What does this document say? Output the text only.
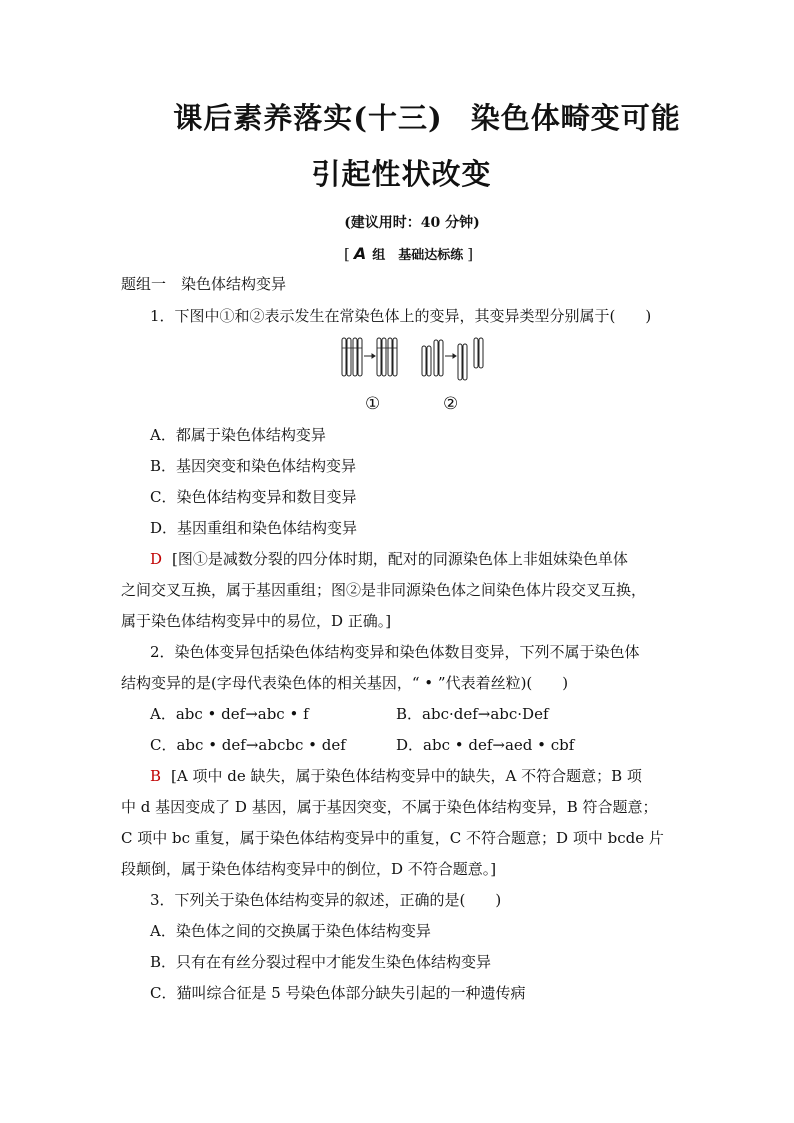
课后素养落实(十三) 染色体畸变可能
引起性状改变
(建议用时：40 分钟)
[ A 组　基础达标练 ]
题组一　染色体结构变异
1．下图中①和②表示发生在常染色体上的变异，其变异类型分别属于(　　)
①	②
A．都属于染色体结构变异
B．基因突变和染色体结构变异
C．染色体结构变异和数目变异
D．基因重组和染色体结构变异
D [图①是减数分裂的四分体时期，配对的同源染色体上非姐妹染色单体
之间交叉互换，属于基因重组；图②是非同源染色体之间染色体片段交叉互换，
属于染色体结构变异中的易位，D 正确。]
2．染色体变异包括染色体结构变异和染色体数目变异，下列不属于染色体
结构变异的是(字母代表染色体的相关基因，“ • ”代表着丝粒)(　　)
A．abc • def→abc • f	B．abc·def→abc·Def
C．abc • def→abcbc • def	D．abc • def→aed • cbf
B [A 项中 de 缺失，属于染色体结构变异中的缺失，A 不符合题意；B 项
中 d 基因变成了 D 基因，属于基因突变，不属于染色体结构变异，B 符合题意；
C 项中 bc 重复，属于染色体结构变异中的重复，C 不符合题意；D 项中 bcde 片
段颠倒，属于染色体结构变异中的倒位，D 不符合题意。]
3．下列关于染色体结构变异的叙述，正确的是(　　)
A．染色体之间的交换属于染色体结构变异
B．只有在有丝分裂过程中才能发生染色体结构变异
C．猫叫综合征是 5 号染色体部分缺失引起的一种遗传病
